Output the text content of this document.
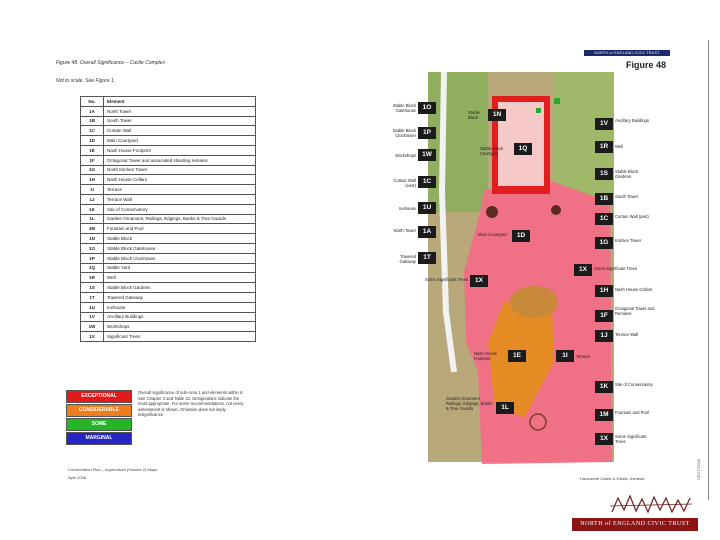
NORTH of ENGLAND CIVIC TRUST
Figure 48. Overall Significance – Castle Complex
Not to scale. See Figure 1.
Figure 48
No.	Element
1A	North Tower
1B	South Tower
1C	Curtain Wall
1D	Main Courtyard
1E	Nash House Footprint
1F	Octagonal Tower and associated standing remains
1G	North Kitchen Tower
1H	Nash House Cellars
1I	Terrace
1J	Terrace Wall
1K	Site of Conservatory
1L	Garden Ornament, Railings, Edgings, Banks & Tree Guards
1M	Fountain and Pool
1N	Stable Block
1O	Stable Block Gatehouse
1P	Stable Block Clocktower
1Q	Stable Yard
1R	Well
1S	Stable Block Gardens
1T	Towered Gateway
1U	Icehouse
1V	Ancillary Buildings
1W	Workshops
1X	Significant Trees
EXCEPTIONAL
CONSIDERABLE
SOME
MARGINAL
Overall significance of sub-Area 1 and elements within it. See Chapter 3 and Table 22. Designations indicate the most appropriate. For some recommendations, not every assessment is shown. Omission does not imply insignificance.
1O
1N
1P
1Q
1W
1C
1U
1A
1D
1T
1X
1E	1I
1L
1V
1R
1S
1B
1C
1G
1X
1H
1F
1J
1K
1M
1X
Stable Block Gatehouse	Stable Block
Stable Block Clocktower
Stable Block Courtyard
Workshops
Curtain Wall (east)
Icehouse
North Tower
Main Courtyard
Towered Gateway
Some Significant Trees
Nash House Footprint	Terrace
Garden Ornament, Railings, Edgings, Banks & Tree Guards
Ancillary Buildings
Well
Stable Block Gardens
South Tower
Curtain Wall (part)
Kitchen Tower
Some Significant Trees
Nash House Cellars
Octagonal Tower and Remains
Terrace Wall
Site of Conservatory
Fountain and Pool
Some Significant Trees
Conservation Plan – Appendices (Volume 2) Maps
April 2008	Hansworth Castle & Estate, Ashtead
NORTH of ENGLAND CIVIC TRUST
NECT/2008
